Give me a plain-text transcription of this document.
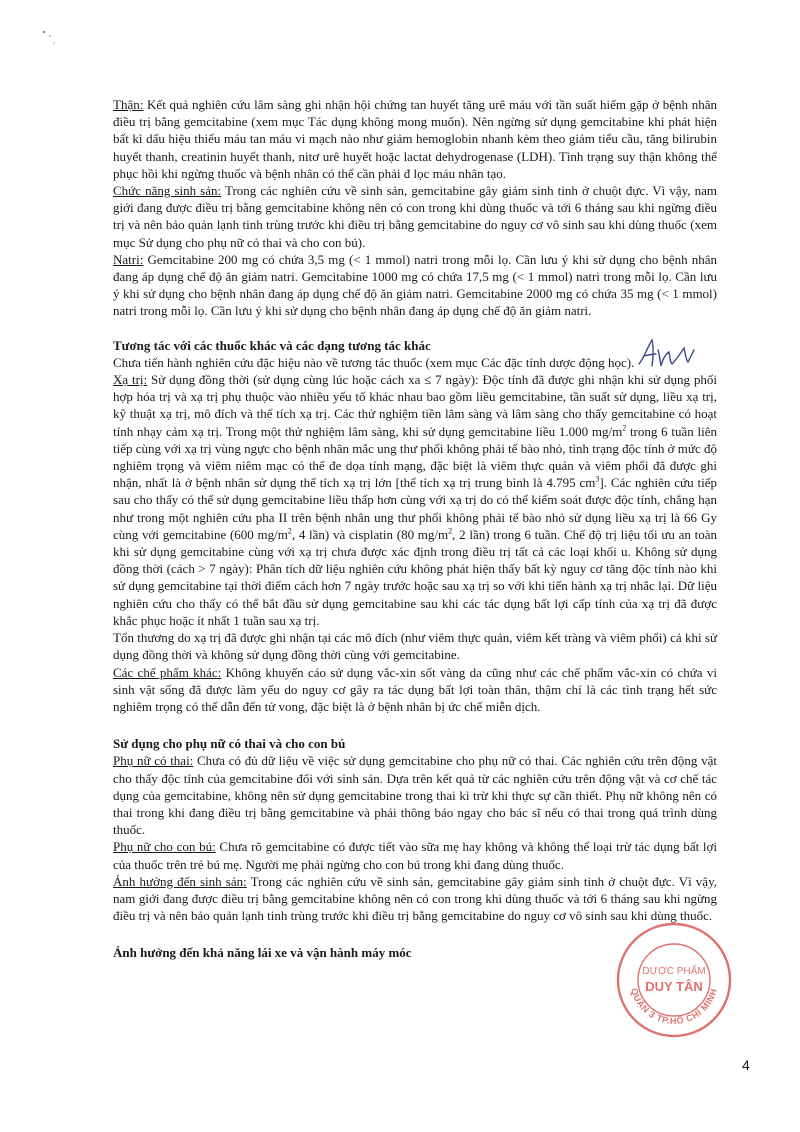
Thận: Kết quả nghiên cứu lâm sàng ghi nhận hội chứng tan huyết tăng urê máu với tần suất hiếm gặp ở bệnh nhân điều trị bằng gemcitabine (xem mục Tác dụng không mong muốn). Nên ngừng sử dụng gemcitabine khi phát hiện bất kì dấu hiệu thiếu máu tan máu vi mạch nào như giảm hemoglobin nhanh kèm theo giảm tiểu cầu, tăng bilirubin huyết thanh, creatinin huyết thanh, nitơ urê huyết hoặc lactat dehydrogenase (LDH). Tình trạng suy thận không thể phục hồi khi ngừng thuốc và bệnh nhân có thể cần phải đ lọc máu nhân tạo.

Chức năng sinh sản: Trong các nghiên cứu về sinh sản, gemcitabine gây giảm sinh tinh ở chuột đực. Vì vậy, nam giới đang được điều trị bằng gemcitabine không nên có con trong khi dùng thuốc và tới 6 tháng sau khi ngừng điều trị và nên bảo quản lạnh tinh trùng trước khi điều trị bằng gemcitabine do nguy cơ vô sinh sau khi dùng thuốc (xem mục Sử dụng cho phụ nữ có thai và cho con bú).

Natri: Gemcitabine 200 mg có chứa 3,5 mg (< 1 mmol) natri trong mỗi lọ. Cần lưu ý khi sử dụng cho bệnh nhân đang áp dụng chế độ ăn giảm natri. Gemcitabine 1000 mg có chứa 17,5 mg (< 1 mmol) natri trong mỗi lọ. Cần lưu ý khi sử dụng cho bệnh nhân đang áp dụng chế độ ăn giảm natri. Gemcitabine 2000 mg có chứa 35 mg (< 1 mmol) natri trong mỗi lọ. Cần lưu ý khi sử dụng cho bệnh nhân đang áp dụng chế độ ăn giảm natri.

Tương tác với các thuốc khác và các dạng tương tác khác

Chưa tiến hành nghiên cứu đặc hiệu nào về tương tác thuốc (xem mục Các đặc tính dược động học).

Xạ trị: Sử dụng đồng thời (sử dụng cùng lúc hoặc cách xa ≤ 7 ngày): Độc tính đã được ghi nhận khi sử dụng phối hợp hóa trị và xạ trị phụ thuộc vào nhiều yếu tố khác nhau bao gồm liều gemcitabine, tần suất sử dụng, liều xạ trị, kỹ thuật xạ trị, mô đích và thể tích xạ trị. Các thử nghiệm tiền lâm sàng và lâm sàng cho thấy gemcitabine có hoạt tính nhạy cảm xạ trị. Trong một thử nghiệm lâm sàng, khi sử dụng gemcitabine liều 1.000 $mg/m^2$ trong 6 tuần liên tiếp cùng với xạ trị vùng ngực cho bệnh nhân mắc ung thư phổi không phải tế bào nhỏ, tình trạng độc tính ở mức độ nghiêm trọng và viêm niêm mạc có thể đe dọa tính mạng, đặc biệt là viêm thực quản và viêm phổi đã được ghi nhận, nhất là ở bệnh nhân sử dụng thể tích xạ trị lớn [thể tích xạ trị trung bình là 4.795 $cm^3$]. Các nghiên cứu tiếp sau cho thấy có thể sử dụng gemcitabine liều thấp hơn cùng với xạ trị do có thể kiểm soát được độc tính, chẳng hạn như trong một nghiên cứu pha II trên bệnh nhân ung thư phổi không phải tế bào nhỏ sử dụng liều xạ trị là 66 Gy cùng với gemcitabine (600 $mg/m^2$, 4 lần) và cisplatin (80 $mg/m^2$, 2 lần) trong 6 tuần. Chế độ trị liệu tối ưu an toàn khi sử dụng gemcitabine cùng với xạ trị chưa được xác định trong điều trị tất cả các loại khối u. Không sử dụng đồng thời (cách > 7 ngày): Phân tích dữ liệu nghiên cứu không phát hiện thấy bất kỳ nguy cơ tăng độc tính nào khi sử dụng gemcitabine tại thời điểm cách hơn 7 ngày trước hoặc sau xạ trị so với khi tiến hành xạ trị nhắc lại. Dữ liệu nghiên cứu cho thấy có thể bắt đầu sử dụng gemcitabine sau khi các tác dụng bất lợi cấp tính của xạ trị đã được khắc phục hoặc ít nhất 1 tuần sau xạ trị.

Tổn thương do xạ trị đã được ghi nhận tại các mô đích (như viêm thực quản, viêm kết tràng và viêm phổi) cả khi sử dụng đồng thời và không sử dụng đồng thời cùng với gemcitabine.

Các chế phẩm khác: Không khuyến cáo sử dụng vắc-xin sốt vàng da cũng như các chế phẩm vắc-xin có chứa vi sinh vật sống đã được làm yếu do nguy cơ gây ra tác dụng bất lợi toàn thân, thậm chí là các tình trạng hết sức nghiêm trọng có thể dẫn đến tử vong, đặc biệt là ở bệnh nhân bị ức chế miễn dịch.

Sử dụng cho phụ nữ có thai và cho con bú

Phụ nữ có thai: Chưa có đủ dữ liệu về việc sử dụng gemcitabine cho phụ nữ có thai. Các nghiên cứu trên động vật cho thấy độc tính của gemcitabine đối với sinh sản. Dựa trên kết quả từ các nghiên cứu trên động vật và cơ chế tác dụng của gemcitabine, không nên sử dụng gemcitabine trong thai kì trừ khi thực sự cần thiết. Phụ nữ không nên có thai trong khi đang điều trị bằng gemcitabine và phải thông báo ngay cho bác sĩ nếu có thai trong quá trình dùng thuốc.

Phụ nữ cho con bú: Chưa rõ gemcitabine có được tiết vào sữa mẹ hay không và không thể loại trừ tác dụng bất lợi của thuốc trên trẻ bú mẹ. Người mẹ phải ngừng cho con bú trong khi đang dùng thuốc.

Ảnh hưởng đến sinh sản: Trong các nghiên cứu về sinh sản, gemcitabine gây giảm sinh tinh ở chuột đực. Vì vậy, nam giới đang được điều trị bằng gemcitabine không nên có con trong khi dùng thuốc và tới 6 tháng sau khi ngừng điều trị và nên bảo quản lạnh tinh trùng trước khi điều trị bằng gemcitabine do nguy cơ vô sinh sau khi dùng thuốc.

Ảnh hưởng đến khả năng lái xe và vận hành máy móc

QUẬN 3 TP.HỒ CHÍ MINH
DƯỢC PHẨM
DUY TÂN
4
